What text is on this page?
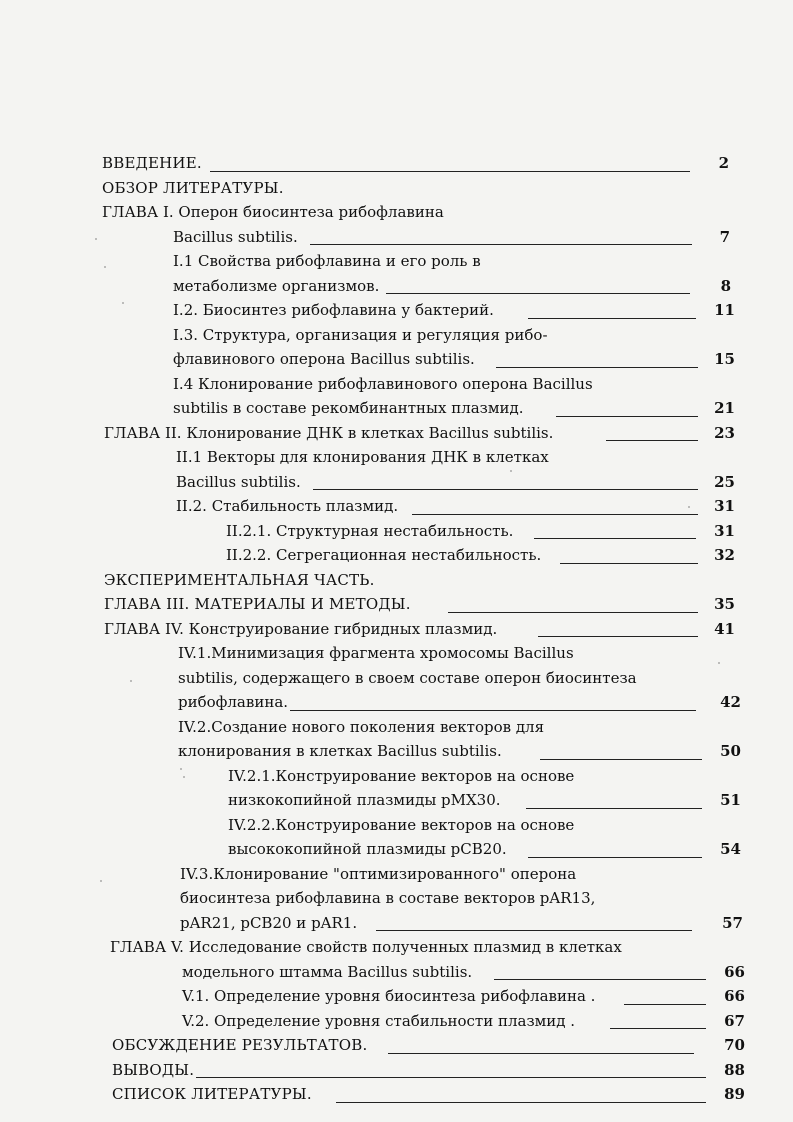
ВВЕДЕНИЕ.	2
ОБЗОР ЛИТЕРАТУРЫ.
ГЛАВА I. Оперон биосинтеза рибофлавина
Bacillus subtilis.	7
I.1 Свойства рибофлавина и его роль в
метаболизме организмов.	8
I.2. Биосинтез рибофлавина у бактерий.	11
I.3. Структура, организация и регуляция рибо-
флавинового оперона Bacillus subtilis.	15
I.4 Клонирование рибофлавинового оперона Bacillus
subtilis в составе рекомбинантных плазмид.	21
ГЛАВА II. Клонирование ДНК в клетках Bacillus subtilis.	23
II.1 Векторы для клонирования ДНК в клетках
Bacillus subtilis.	25
II.2. Стабильность плазмид.	31
II.2.1. Структурная нестабильность.	31
II.2.2. Сегрегационная нестабильность.	32
ЭКСПЕРИМЕНТАЛЬНАЯ ЧАСТЬ.
ГЛАВА III. МАТЕРИАЛЫ И МЕТОДЫ.	35
ГЛАВА IV. Конструирование гибридных плазмид.	41
IV.1.Минимизация фрагмента хромосомы Bacillus
subtilis, содержащего в своем составе оперон биосинтеза
рибофлавина.	42
IV.2.Создание нового поколения векторов для
клонирования в клетках Bacillus subtilis.	50
IV.2.1.Конструирование векторов на основе
низкокопийной плазмиды pMX30.	51
IV.2.2.Конструирование векторов на основе
высококопийной плазмиды pCB20.	54
IV.3.Клонирование "оптимизированного" оперона
биосинтеза рибофлавина в составе векторов pAR13,
pAR21, pCB20 и pAR1.	57
ГЛАВА V. Исследование свойств полученных плазмид в клетках
модельного штамма Bacillus subtilis.	66
V.1. Определение уровня биосинтеза рибофлавина .	66
V.2. Определение уровня стабильности плазмид .	67
ОБСУЖДЕНИЕ РЕЗУЛЬТАТОВ.	70
ВЫВОДЫ.	88
СПИСОК ЛИТЕРАТУРЫ.	89
